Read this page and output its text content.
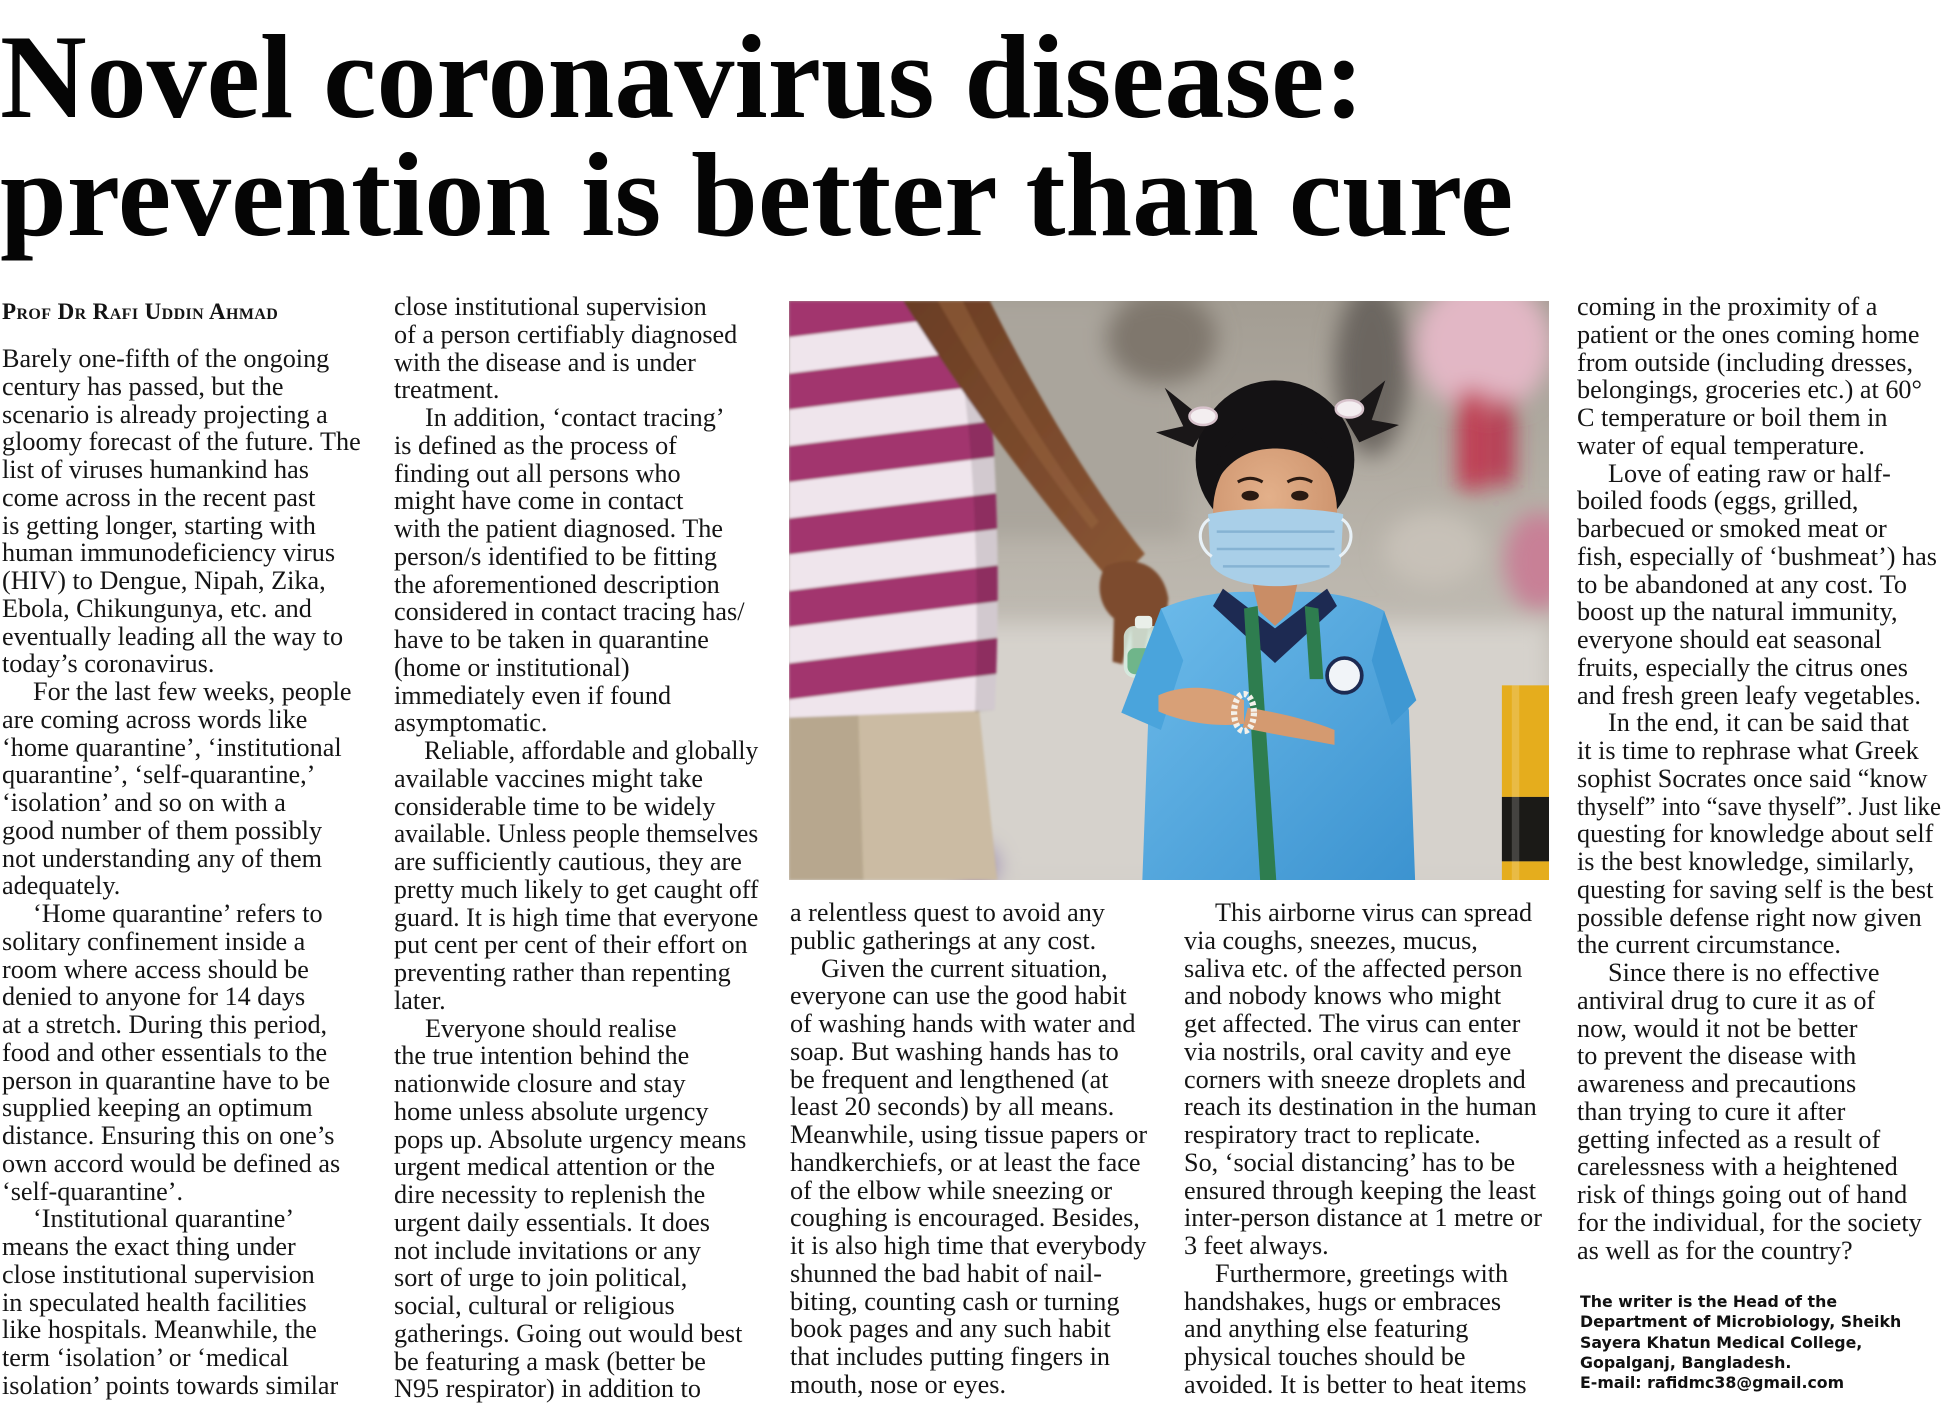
Novel coronavirus disease:
prevention is better than cure
Prof Dr Rafi Uddin Ahmad
Barely one-fifth of the ongoing
century has passed, but the
scenario is already projecting a
gloomy forecast of the future. The
list of viruses humankind has
come across in the recent past
is getting longer, starting with
human immunodeficiency virus
(HIV) to Dengue, Nipah, Zika,
Ebola, Chikungunya, etc. and
eventually leading all the way to
today’s coronavirus.
For the last few weeks, people
are coming across words like
‘home quarantine’, ‘institutional
quarantine’, ‘self-quarantine,’
‘isolation’ and so on with a
good number of them possibly
not understanding any of them
adequately.
‘Home quarantine’ refers to
solitary confinement inside a
room where access should be
denied to anyone for 14 days
at a stretch. During this period,
food and other essentials to the
person in quarantine have to be
supplied keeping an optimum
distance. Ensuring this on one’s
own accord would be defined as
‘self-quarantine’.
‘Institutional quarantine’
means the exact thing under
close institutional supervision
in speculated health facilities
like hospitals. Meanwhile, the
term ‘isolation’ or ‘medical
isolation’ points towards similar
close institutional supervision
of a person certifiably diagnosed
with the disease and is under
treatment.
In addition, ‘contact tracing’
is defined as the process of
finding out all persons who
might have come in contact
with the patient diagnosed. The
person/s identified to be fitting
the aforementioned description
considered in contact tracing has/
have to be taken in quarantine
(home or institutional)
immediately even if found
asymptomatic.
Reliable, affordable and globally
available vaccines might take
considerable time to be widely
available. Unless people themselves
are sufficiently cautious, they are
pretty much likely to get caught off
guard. It is high time that everyone
put cent per cent of their effort on
preventing rather than repenting
later.
Everyone should realise
the true intention behind the
nationwide closure and stay
home unless absolute urgency
pops up. Absolute urgency means
urgent medical attention or the
dire necessity to replenish the
urgent daily essentials. It does
not include invitations or any
sort of urge to join political,
social, cultural or religious
gatherings. Going out would best
be featuring a mask (better be
N95 respirator) in addition to
a relentless quest to avoid any
public gatherings at any cost.
Given the current situation,
everyone can use the good habit
of washing hands with water and
soap. But washing hands has to
be frequent and lengthened (at
least 20 seconds) by all means.
Meanwhile, using tissue papers or
handkerchiefs, or at least the face
of the elbow while sneezing or
coughing is encouraged. Besides,
it is also high time that everybody
shunned the bad habit of nail-
biting, counting cash or turning
book pages and any such habit
that includes putting fingers in
mouth, nose or eyes.
This airborne virus can spread
via coughs, sneezes, mucus,
saliva etc. of the affected person
and nobody knows who might
get affected. The virus can enter
via nostrils, oral cavity and eye
corners with sneeze droplets and
reach its destination in the human
respiratory tract to replicate.
So, ‘social distancing’ has to be
ensured through keeping the least
inter-person distance at 1 metre or
3 feet always.
Furthermore, greetings with
handshakes, hugs or embraces
and anything else featuring
physical touches should be
avoided. It is better to heat items
coming in the proximity of a
patient or the ones coming home
from outside (including dresses,
belongings, groceries etc.) at 60°
C temperature or boil them in
water of equal temperature.
Love of eating raw or half-
boiled foods (eggs, grilled,
barbecued or smoked meat or
fish, especially of ‘bushmeat’) has
to be abandoned at any cost. To
boost up the natural immunity,
everyone should eat seasonal
fruits, especially the citrus ones
and fresh green leafy vegetables.
In the end, it can be said that
it is time to rephrase what Greek
sophist Socrates once said “know
thyself” into “save thyself”. Just like
questing for knowledge about self
is the best knowledge, similarly,
questing for saving self is the best
possible defense right now given
the current circumstance.
Since there is no effective
antiviral drug to cure it as of
now, would it not be better
to prevent the disease with
awareness and precautions
than trying to cure it after
getting infected as a result of
carelessness with a heightened
risk of things going out of hand
for the individual, for the society
as well as for the country?
The writer is the Head of the
Department of Microbiology, Sheikh
Sayera Khatun Medical College,
Gopalganj, Bangladesh.
E-mail: rafidmc38@gmail.com
